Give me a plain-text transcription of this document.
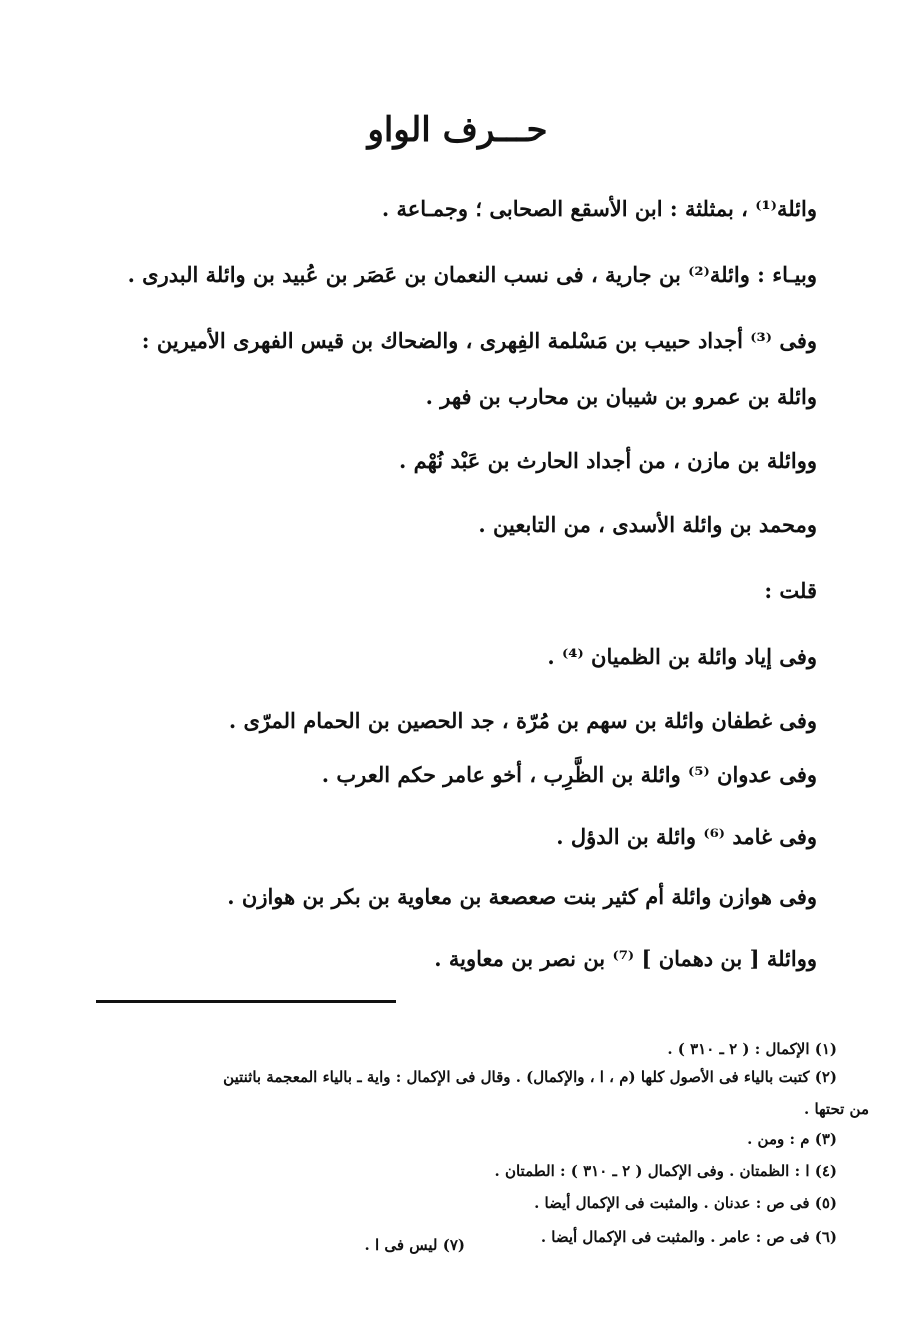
حـــرف الواو
وائلة⁽¹⁾ ، بمثلثة : ابن الأسقع الصحابى ؛ وجمـاعة .
وبيـاء : وائلة⁽²⁾ بن جارية ، فى نسب النعمان بن عَصَر بن عُبيد بن وائلة البدرى .
وفى ⁽³⁾ أجداد حبيب بن مَسْلمة الفِهرى ، والضحاك بن قيس الفهرى الأميرين :
وائلة بن عمرو بن شيبان بن محارب بن فهر .
ووائلة بن مازن ، من أجداد الحارث بن عَبْد نُهْم .
ومحمد بن وائلة الأسدى ، من التابعين .
قلت :
وفى إياد وائلة بن الظميان ⁽⁴⁾ .
وفى غطفان وائلة بن سهم بن مُرّة ، جد الحصين بن الحمام المرّى .
وفى عدوان ⁽⁵⁾ وائلة بن الظَّرِب ، أخو عامر حكم العرب .
وفى غامد ⁽⁶⁾ وائلة بن الدؤل .
وفى هوازن وائلة أم كثير بنت صعصعة بن معاوية بن بكر بن هوازن .
ووائلة [ بن دهمان ] ⁽⁷⁾ بن نصر بن معاوية .
(١) الإكمال : ( ٢ ـ ٣١٠ ) .
(٢) كتبت بالياء فى الأصول كلها (م ، ا ، والإكمال) . وقال فى الإكمال : واية ـ بالياء المعجمة باثنتين
من تحتها .
(٣) م : ومن .
(٤) ا : الظمتان . وفى الإكمال ( ٢ ـ ٣١٠ ) : الطمتان .
(٥) فى ص : عدنان . والمثبت فى الإكمال أيضا .
(٦) فى ص : عامر . والمثبت فى الإكمال أيضا .
(٧) ليس فى ا .
